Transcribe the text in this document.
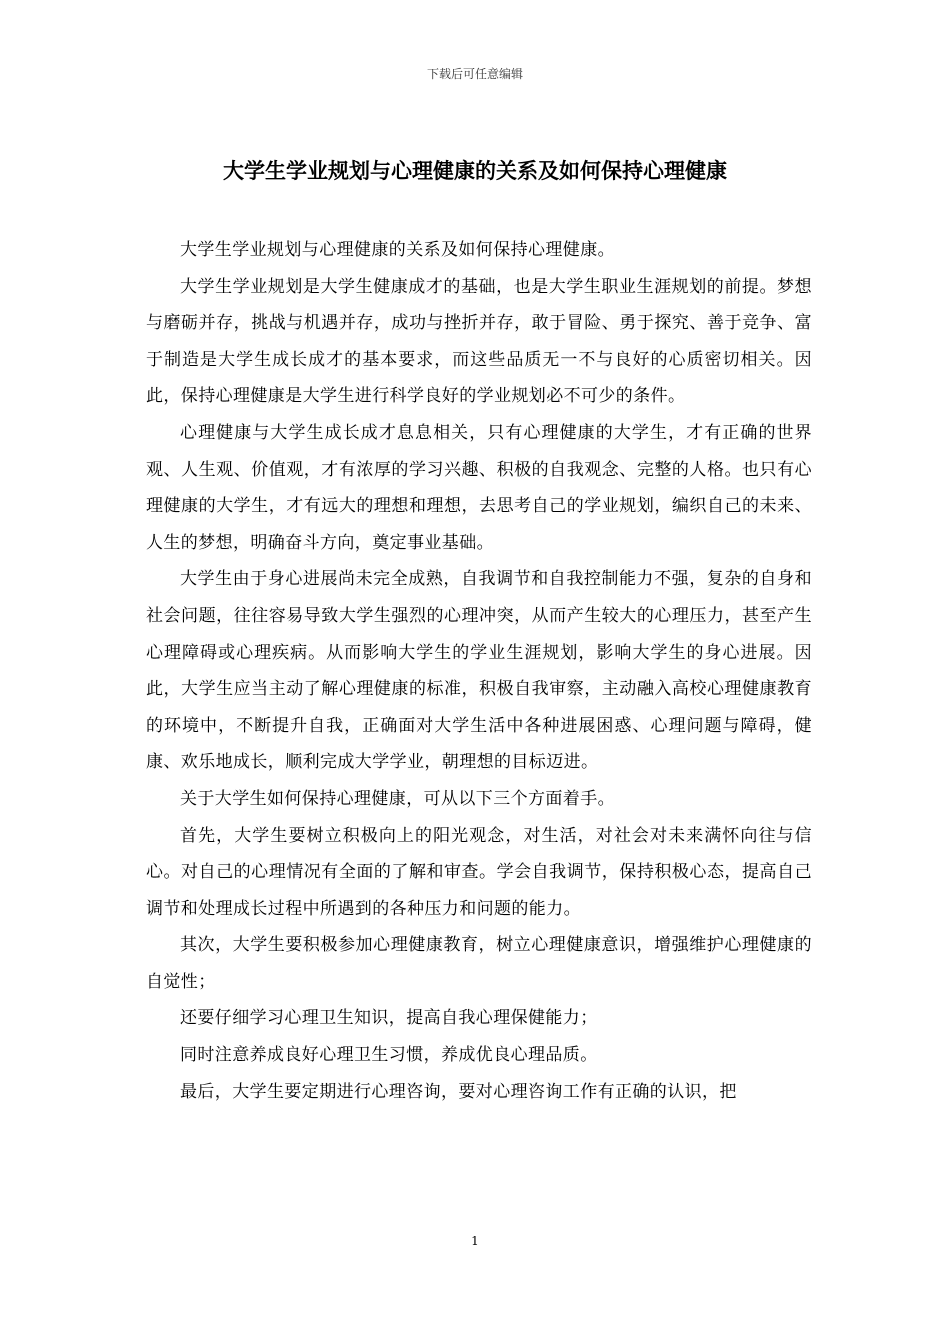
下载后可任意编辑
大学生学业规划与心理健康的关系及如何保持心理健康

大学生学业规划与心理健康的关系及如何保持心理健康。

大学生学业规划是大学生健康成才的基础，也是大学生职业生涯规划的前提。梦想与磨砺并存，挑战与机遇并存，成功与挫折并存，敢于冒险、勇于探究、善于竞争、富于制造是大学生成长成才的基本要求，而这些品质无一不与良好的心质密切相关。因此，保持心理健康是大学生进行科学良好的学业规划必不可少的条件。

心理健康与大学生成长成才息息相关，只有心理健康的大学生，才有正确的世界观、人生观、价值观，才有浓厚的学习兴趣、积极的自我观念、完整的人格。也只有心理健康的大学生，才有远大的理想和理想，去思考自己的学业规划，编织自己的未来、人生的梦想，明确奋斗方向，奠定事业基础。

大学生由于身心进展尚未完全成熟，自我调节和自我控制能力不强，复杂的自身和社会问题，往往容易导致大学生强烈的心理冲突，从而产生较大的心理压力，甚至产生心理障碍或心理疾病。从而影响大学生的学业生涯规划，影响大学生的身心进展。因此，大学生应当主动了解心理健康的标准，积极自我审察，主动融入高校心理健康教育的环境中，不断提升自我，正确面对大学生活中各种进展困惑、心理问题与障碍，健康、欢乐地成长，顺利完成大学学业，朝理想的目标迈进。

关于大学生如何保持心理健康，可从以下三个方面着手。

首先，大学生要树立积极向上的阳光观念，对生活，对社会对未来满怀向往与信心。对自己的心理情况有全面的了解和审查。学会自我调节，保持积极心态，提高自己调节和处理成长过程中所遇到的各种压力和问题的能力。

其次，大学生要积极参加心理健康教育，树立心理健康意识，增强维护心理健康的自觉性；

还要仔细学习心理卫生知识，提高自我心理保健能力；

同时注意养成良好心理卫生习惯，养成优良心理品质。

最后，大学生要定期进行心理咨询，要对心理咨询工作有正确的认识，把

1
